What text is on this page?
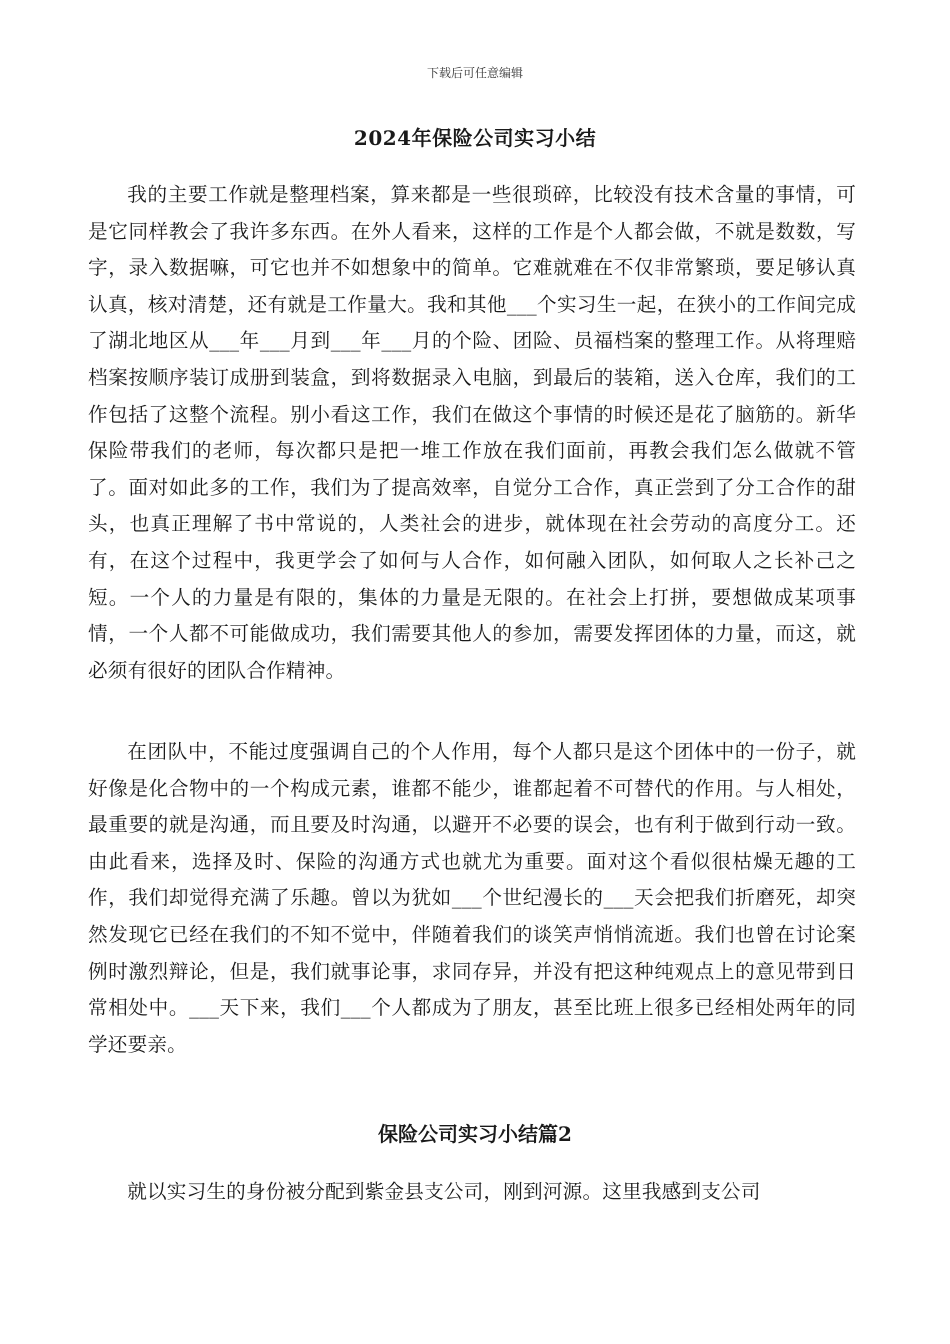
下载后可任意编辑
2024年保险公司实习小结

我的主要工作就是整理档案，算来都是一些很琐碎，比较没有技术含量的事情，可是它同样教会了我许多东西。在外人看来，这样的工作是个人都会做，不就是数数，写字，录入数据嘛，可它也并不如想象中的简单。它难就难在不仅非常繁琐，要足够认真认真，核对清楚，还有就是工作量大。我和其他___个实习生一起，在狭小的工作间完成了湖北地区从___年___月到___年___月的个险、团险、员福档案的整理工作。从将理赔档案按顺序装订成册到装盒，到将数据录入电脑，到最后的装箱，送入仓库，我们的工作包括了这整个流程。别小看这工作，我们在做这个事情的时候还是花了脑筋的。新华保险带我们的老师，每次都只是把一堆工作放在我们面前，再教会我们怎么做就不管了。面对如此多的工作，我们为了提高效率，自觉分工合作，真正尝到了分工合作的甜头，也真正理解了书中常说的，人类社会的进步，就体现在社会劳动的高度分工。还有，在这个过程中，我更学会了如何与人合作，如何融入团队，如何取人之长补己之短。一个人的力量是有限的，集体的力量是无限的。在社会上打拼，要想做成某项事情，一个人都不可能做成功，我们需要其他人的参加，需要发挥团体的力量，而这，就必须有很好的团队合作精神。

在团队中，不能过度强调自己的个人作用，每个人都只是这个团体中的一份子，就好像是化合物中的一个构成元素，谁都不能少，谁都起着不可替代的作用。与人相处，最重要的就是沟通，而且要及时沟通，以避开不必要的误会，也有利于做到行动一致。由此看来，选择及时、保险的沟通方式也就尤为重要。面对这个看似很枯燥无趣的工作，我们却觉得充满了乐趣。曾以为犹如___个世纪漫长的___天会把我们折磨死，却突然发现它已经在我们的不知不觉中，伴随着我们的谈笑声悄悄流逝。我们也曾在讨论案例时激烈辩论，但是，我们就事论事，求同存异，并没有把这种纯观点上的意见带到日常相处中。___天下来，我们___个人都成为了朋友，甚至比班上很多已经相处两年的同学还要亲。

保险公司实习小结篇2

就以实习生的身份被分配到紫金县支公司，刚到河源。这里我感到支公司
